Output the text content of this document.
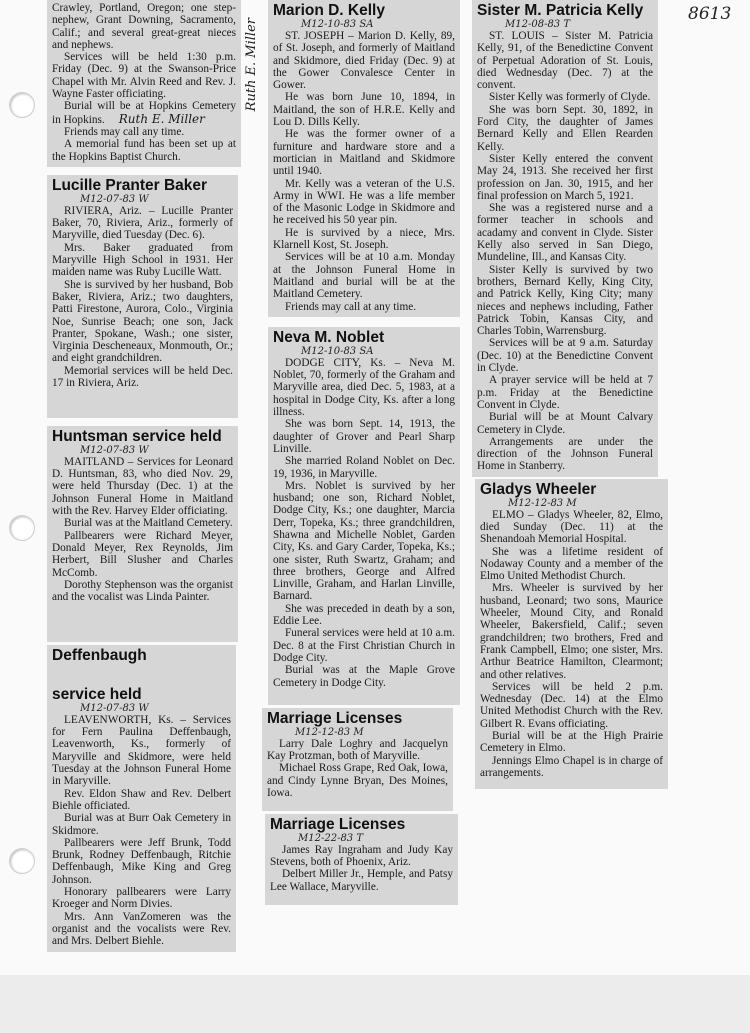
8613

Crawley, Portland, Oregon; one step-nephew, Grant Downing, Sacramento, Calif.; and several great-great nieces and nephews.

Services will be held 1:30 p.m. Friday (Dec. 9) at the Swanson-Price Chapel with Mr. Alvin Reed and Rev. J. Wayne Faster officiating.

Burial will be at Hopkins Cemetery in Hopkins. Ruth E. Miller

Friends may call any time.

A memorial fund has been set up at the Hopkins Baptist Church.

Lucille Pranter Baker
M12-07-83 W

RIVIERA, Ariz. – Lucille Pranter Baker, 70, Riviera, Ariz., formerly of Maryville, died Tuesday (Dec. 6).

Mrs. Baker graduated from Maryville High School in 1931. Her maiden name was Ruby Lucille Watt.

She is survived by her husband, Bob Baker, Riviera, Ariz.; two daughters, Patti Firestone, Aurora, Colo., Virginia Noe, Sunrise Beach; one son, Jack Pranter, Spokane, Wash.; one sister, Virginia Descheneaux, Monmouth, Or.; and eight grandchildren.

Memorial services will be held Dec. 17 in Riviera, Ariz.

Huntsman service held
M12-07-83 W

MAITLAND – Services for Leonard D. Huntsman, 83, who died Nov. 29, were held Thursday (Dec. 1) at the Johnson Funeral Home in Maitland with the Rev. Harvey Elder officiating.

Burial was at the Maitland Cemetery.

Pallbearers were Richard Meyer, Donald Meyer, Rex Reynolds, Jim Herbert, Bill Slusher and Charles McComb.

Dorothy Stephenson was the organist and the vocalist was Linda Painter.

Deffenbaugh
service held
M12-07-83 W

LEAVENWORTH, Ks. – Services for Fern Paulina Deffenbaugh, Leavenworth, Ks., formerly of Maryville and Skidmore, were held Tuesday at the Johnson Funeral Home in Maryville.

Rev. Eldon Shaw and Rev. Delbert Biehle officiated.

Burial was at Burr Oak Cemetery in Skidmore.

Pallbearers were Jeff Brunk, Todd Brunk, Rodney Deffenbaugh, Ritchie Deffenbaugh, Mike King and Greg Johnson.

Honorary pallbearers were Larry Kroeger and Norm Divies.

Mrs. Ann VanZomeren was the organist and the vocalists were Rev. and Mrs. Delbert Biehle.

Ruth E. Miller
Marion D. Kelly
M12-10-83 SA

ST. JOSEPH – Marion D. Kelly, 89, of St. Joseph, and formerly of Maitland and Skidmore, died Friday (Dec. 9) at the Gower Convalesce Center in Gower.

He was born June 10, 1894, in Maitland, the son of H.R.E. Kelly and Lou D. Dills Kelly.

He was the former owner of a furniture and hardware store and a mortician in Maitland and Skidmore until 1940.

Mr. Kelly was a veteran of the U.S. Army in WWI. He was a life member of the Masonic Lodge in Skidmore and he received his 50 year pin.

He is survived by a niece, Mrs. Klarnell Kost, St. Joseph.

Services will be at 10 a.m. Monday at the Johnson Funeral Home in Maitland and burial will be at the Maitland Cemetery.

Friends may call at any time.

Neva M. Noblet
M12-10-83 SA

DODGE CITY, Ks. – Neva M. Noblet, 70, formerly of the Graham and Maryville area, died Dec. 5, 1983, at a hospital in Dodge City, Ks. after a long illness.

She was born Sept. 14, 1913, the daughter of Grover and Pearl Sharp Linville.

She married Roland Noblet on Dec. 19, 1936, in Maryville.

Mrs. Noblet is survived by her husband; one son, Richard Noblet, Dodge City, Ks.; one daughter, Marcia Derr, Topeka, Ks.; three grandchildren, Shawna and Michelle Noblet, Garden City, Ks. and Gary Carder, Topeka, Ks.; one sister, Ruth Swartz, Graham; and three brothers, George and Alfred Linville, Graham, and Harlan Linville, Barnard.

She was preceded in death by a son, Eddie Lee.

Funeral services were held at 10 a.m. Dec. 8 at the First Christian Church in Dodge City.

Burial was at the Maple Grove Cemetery in Dodge City.

Marriage Licenses
M12-12-83 M

Larry Dale Loghry and Jacquelyn Kay Protzman, both of Maryville.

Michael Ross Grape, Red Oak, Iowa, and Cindy Lynne Bryan, Des Moines, Iowa.

Marriage Licenses
M12-22-83 T

James Ray Ingraham and Judy Kay Stevens, both of Phoenix, Ariz.

Delbert Miller Jr., Hemple, and Patsy Lee Wallace, Maryville.

Sister M. Patricia Kelly
M12-08-83 T

ST. LOUIS – Sister M. Patricia Kelly, 91, of the Benedictine Convent of Perpetual Adoration of St. Louis, died Wednesday (Dec. 7) at the convent.

Sister Kelly was formerly of Clyde.

She was born Sept. 30, 1892, in Ford City, the daughter of James Bernard Kelly and Ellen Rearden Kelly.

Sister Kelly entered the convent May 24, 1913. She received her first profession on Jan. 30, 1915, and her final profession on March 5, 1921.

She was a registered nurse and a former teacher in schools and acadamy and convent in Clyde. Sister Kelly also served in San Diego, Mundeline, Ill., and Kansas City.

Sister Kelly is survived by two brothers, Bernard Kelly, King City, and Patrick Kelly, King City; many nieces and nephews including, Father Patrick Tobin, Kansas City, and Charles Tobin, Warrensburg.

Services will be at 9 a.m. Saturday (Dec. 10) at the Benedictine Convent in Clyde.

A prayer service will be held at 7 p.m. Friday at the Benedictine Convent in Clyde.

Burial will be at Mount Calvary Cemetery in Clyde.

Arrangements are under the direction of the Johnson Funeral Home in Stanberry.

Gladys Wheeler
M12-12-83 M

ELMO – Gladys Wheeler, 82, Elmo, died Sunday (Dec. 11) at the Shenandoah Memorial Hospital.

She was a lifetime resident of Nodaway County and a member of the Elmo United Methodist Church.

Mrs. Wheeler is survived by her husband, Leonard; two sons, Maurice Wheeler, Mound City, and Ronald Wheeler, Bakersfield, Calif.; seven grandchildren; two brothers, Fred and Frank Campbell, Elmo; one sister, Mrs. Arthur Beatrice Hamilton, Clearmont; and other relatives.

Services will be held 2 p.m. Wednesday (Dec. 14) at the Elmo United Methodist Church with the Rev. Gilbert R. Evans officiating.

Burial will be at the High Prairie Cemetery in Elmo.

Jennings Elmo Chapel is in charge of arrangements.
